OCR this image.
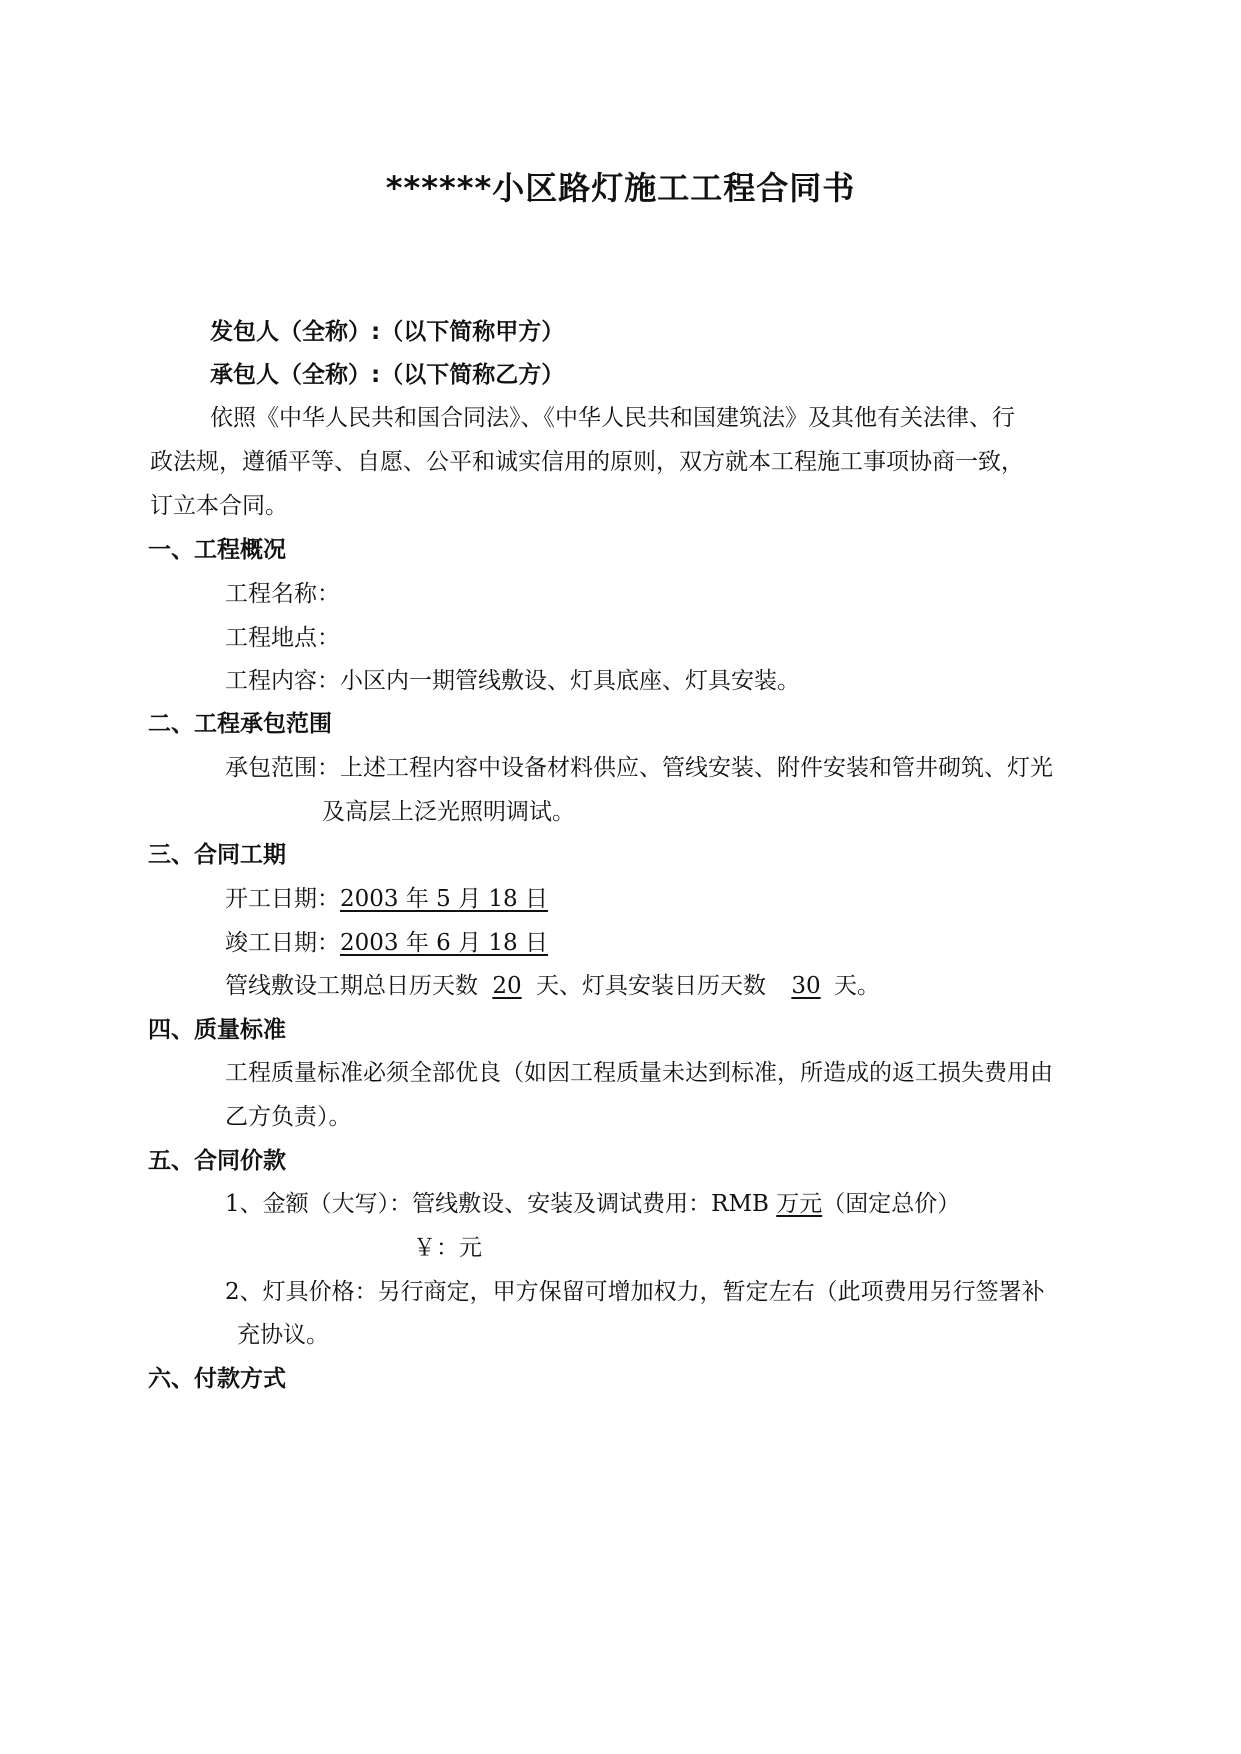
******小区路灯施工工程合同书
发包人（全称）:（以下简称甲方）
承包人（全称）:（以下简称乙方）
依照《中华人民共和国合同法》、《中华人民共和国建筑法》及其他有关法律、行
政法规，遵循平等、自愿、公平和诚实信用的原则，双方就本工程施工事项协商一致，
订立本合同。
一、工程概况
工程名称：
工程地点：
工程内容：小区内一期管线敷设、灯具底座、灯具安装。
二、工程承包范围
承包范围：上述工程内容中设备材料供应、管线安装、附件安装和管井砌筑、灯光
及高层上泛光照明调试。
三、合同工期
开工日期：2003 年 5 月 18 日
竣工日期：2003 年 6 月 18 日
管线敷设工期总日历天数 20 天、灯具安装日历天数 30 天。
四、质量标准
工程质量标准必须全部优良（如因工程质量未达到标准，所造成的返工损失费用由
乙方负责）。
五、合同价款
1、金额（大写）：管线敷设、安装及调试费用：RMB 万元（固定总价）
￥：元
2、灯具价格：另行商定，甲方保留可增加权力，暂定左右（此项费用另行签署补
充协议。
六、付款方式
